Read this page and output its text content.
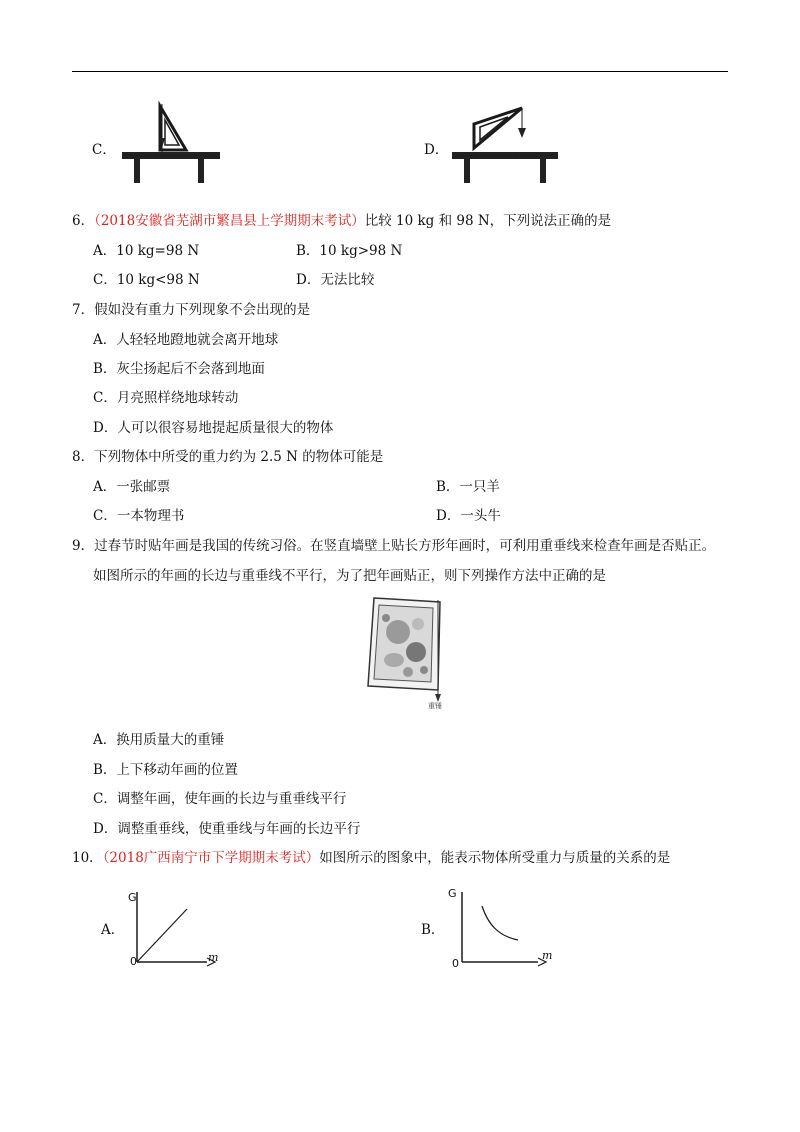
C．	D．
6．（2018安徽省芜湖市繁昌县上学期期末考试）比较 10 kg 和 98 N，下列说法正确的是
A．10 kg=98 N	B．10 kg>98 N
C．10 kg<98 N	D．无法比较
7．假如没有重力下列现象不会出现的是
A．人轻轻地蹬地就会离开地球
B．灰尘扬起后不会落到地面
C．月亮照样绕地球转动
D．人可以很容易地提起质量很大的物体
8．下列物体中所受的重力约为 2.5 N 的物体可能是
A．一张邮票	B．一只羊
C．一本物理书	D．一头牛
9．过春节时贴年画是我国的传统习俗。在竖直墙壁上贴长方形年画时，可利用重垂线来检查年画是否贴正。
如图所示的年画的长边与重垂线不平行，为了把年画贴正，则下列操作方法中正确的是
重锤
A．换用质量大的重锤
B．上下移动年画的位置
C．调整年画，使年画的长边与重垂线平行
D．调整重垂线，使重垂线与年画的长边平行
10．（2018广西南宁市下学期期末考试）如图所示的图象中，能表示物体所受重力与质量的关系的是
A．
G
m
0
B．
G
m
0
